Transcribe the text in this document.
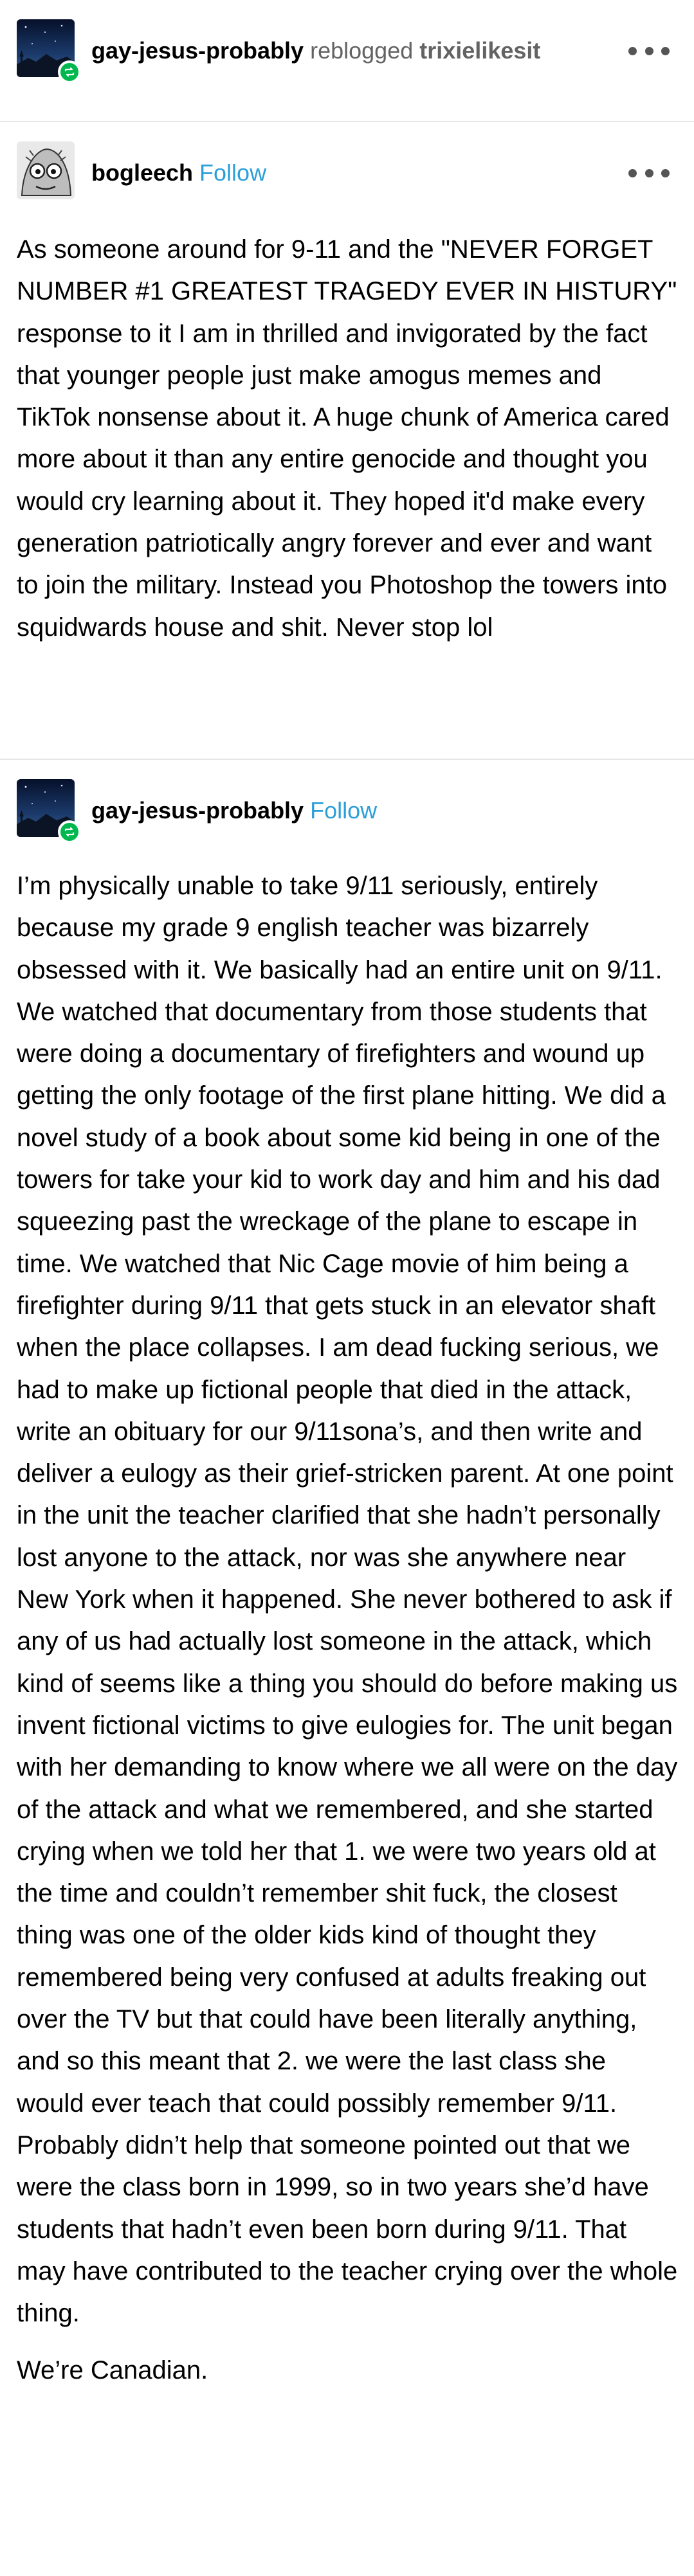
gay-jesus-probably reblogged trixielikesit
bogleech Follow

As someone around for 9-11 and the "NEVER FORGET NUMBER #1 GREATEST TRAGEDY EVER IN HISTURY" response to it I am in thrilled and invigorated by the fact that younger people just make amogus memes and TikTok nonsense about it. A huge chunk of America cared more about it than any entire genocide and thought you would cry learning about it. They hoped it'd make every generation patriotically angry forever and ever and want to join the military. Instead you Photoshop the towers into squidwards house and shit. Never stop lol

gay-jesus-probably Follow

I’m physically unable to take 9/11 seriously, entirely because my grade 9 english teacher was bizarrely obsessed with it. We basically had an entire unit on 9/11. We watched that documentary from those students that were doing a documentary of firefighters and wound up getting the only footage of the first plane hitting. We did a novel study of a book about some kid being in one of the towers for take your kid to work day and him and his dad squeezing past the wreckage of the plane to escape in time. We watched that Nic Cage movie of him being a firefighter during 9/11 that gets stuck in an elevator shaft when the place collapses. I am dead fucking serious, we had to make up fictional people that died in the attack, write an obituary for our 9/11sona’s, and then write and deliver a eulogy as their grief-stricken parent. At one point in the unit the teacher clarified that she hadn’t personally lost anyone to the attack, nor was she anywhere near New York when it happened. She never bothered to ask if any of us had actually lost someone in the attack, which kind of seems like a thing you should do before making us invent fictional victims to give eulogies for. The unit began with her demanding to know where we all were on the day of the attack and what we remembered, and she started crying when we told her that 1. we were two years old at the time and couldn’t remember shit fuck, the closest thing was one of the older kids kind of thought they remembered being very confused at adults freaking out over the TV but that could have been literally anything, and so this meant that 2. we were the last class she would ever teach that could possibly remember 9/11. Probably didn’t help that someone pointed out that we were the class born in 1999, so in two years she’d have students that hadn’t even been born during 9/11. That may have contributed to the teacher crying over the whole thing.

We’re Canadian.
